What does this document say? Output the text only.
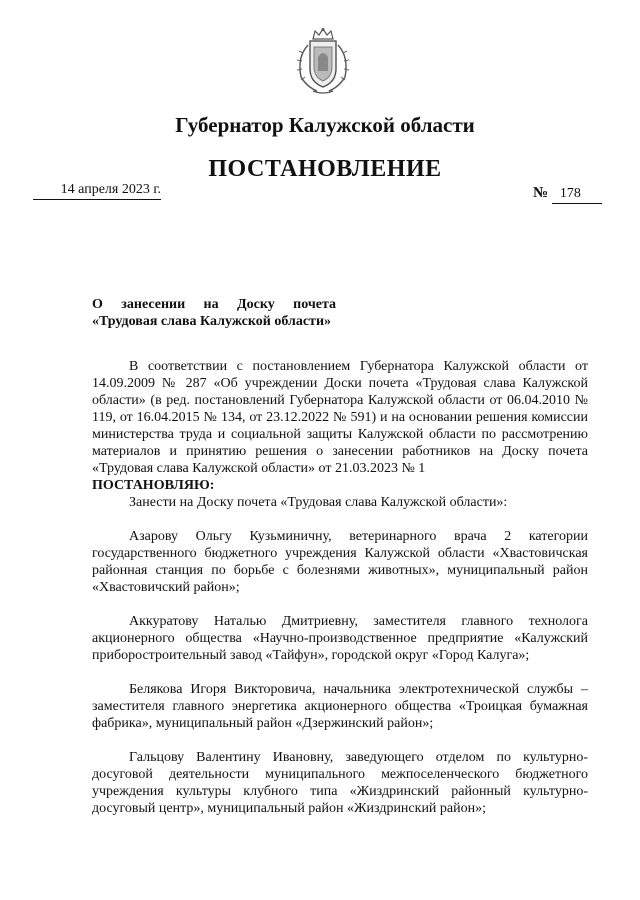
Губернатор Калужской области
ПОСТАНОВЛЕНИЕ
14 апреля 2023 г.	№ 178
О занесении на Доску почета
«Трудовая слава Калужской области»

В соответствии с постановлением Губернатора Калужской области от 14.09.2009 № 287 «Об учреждении Доски почета «Трудовая слава Калужской области» (в ред. постановлений Губернатора Калужской области от 06.04.2010 № 119, от 16.04.2015 № 134, от 23.12.2022 № 591) и на основании решения комиссии министерства труда и социальной защиты Калужской области по рассмотрению материалов и принятию решения о занесении работников на Доску почета «Трудовая слава Калужской области» от 21.03.2023 № 1

ПОСТАНОВЛЯЮ:

Занести на Доску почета «Трудовая слава Калужской области»:

Азарову Ольгу Кузьминичну, ветеринарного врача 2 категории государственного бюджетного учреждения Калужской области «Хвастовичская районная станция по борьбе с болезнями животных», муниципальный район «Хвастовичский район»;

Аккуратову Наталью Дмитриевну, заместителя главного технолога акционерного общества «Научно-производственное предприятие «Калужский приборостроительный завод «Тайфун», городской округ «Город Калуга»;

Белякова Игоря Викторовича, начальника электротехнической службы – заместителя главного энергетика акционерного общества «Троицкая бумажная фабрика», муниципальный район «Дзержинский район»;

Гальцову Валентину Ивановну, заведующего отделом по культурно-досуговой деятельности муниципального межпоселенческого бюджетного учреждения культуры клубного типа «Жиздринский районный культурно-досуговый центр», муниципальный район «Жиздринский район»;
